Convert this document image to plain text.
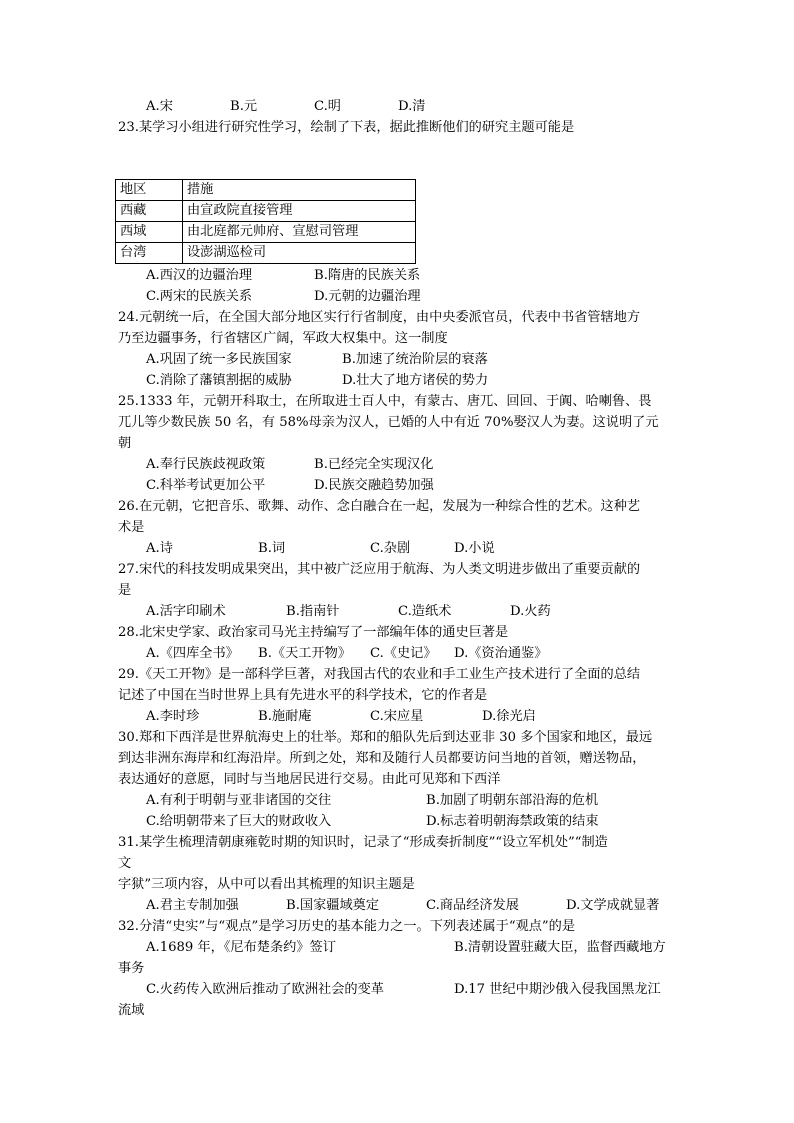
A.宋	B.元	C.明	D.清
23.某学习小组进行研究性学习，绘制了下表，据此推断他们的研究主题可能是
地区	措施
西藏	由宣政院直接管理
西域	由北庭都元帅府、宣慰司管理
台湾	设澎湖巡检司
A.西汉的边疆治理	B.隋唐的民族关系
C.两宋的民族关系	D.元朝的边疆治理
24.元朝统一后，在全国大部分地区实行行省制度，由中央委派官员，代表中书省管辖地方
乃至边疆事务，行省辖区广阔，军政大权集中。这一制度
A.巩固了统一多民族国家	B.加速了统治阶层的衰落
C.消除了藩镇割据的威胁	D.壮大了地方诸侯的势力
25.1333 年，元朝开科取士，在所取进士百人中，有蒙古、唐兀、回回、于阗、哈喇鲁、畏
兀儿等少数民族 50 名，有 58%母亲为汉人，已婚的人中有近 70%娶汉人为妻。这说明了元
朝
A.奉行民族歧视政策	B.已经完全实现汉化
C.科举考试更加公平	D.民族交融趋势加强
26.在元朝，它把音乐、歌舞、动作、念白融合在一起，发展为一种综合性的艺术。这种艺
术是
A.诗	B.词	C.杂剧	D.小说
27.宋代的科技发明成果突出，其中被广泛应用于航海、为人类文明进步做出了重要贡献的
是
A.活字印刷术	B.指南针	C.造纸术	D.火药
28.北宋史学家、政治家司马光主持编写了一部编年体的通史巨著是
A.《四库全书》 B.《天工开物》 C.《史记》 D.《资治通鉴》
29.《天工开物》是一部科学巨著，对我国古代的农业和手工业生产技术进行了全面的总结
记述了中国在当时世界上具有先进水平的科学技术，它的作者是
A.李时珍	B.施耐庵	C.宋应星	D.徐光启
30.郑和下西洋是世界航海史上的壮举。郑和的船队先后到达亚非 30 多个国家和地区，最远
到达非洲东海岸和红海沿岸。所到之处，郑和及随行人员都要访问当地的首领，赠送物品，
表达通好的意愿，同时与当地居民进行交易。由此可见郑和下西洋
A.有利于明朝与亚非诸国的交往	B.加剧了明朝东部沿海的危机
C.给明朝带来了巨大的财政收入	D.标志着明朝海禁政策的结束
31.某学生梳理清朝康雍乾时期的知识时，记录了“形成奏折制度”“设立军机处”“制造
文
字狱”三项内容，从中可以看出其梳理的知识主题是
A.君主专制加强	B.国家疆域奠定	C.商品经济发展	D.文学成就显著
32.分清“史实”与“观点”是学习历史的基本能力之一。下列表述属于“观点”的是
A.1689 年，《尼布楚条约》签订	B.清朝设置驻藏大臣，监督西藏地方
事务
C.火药传入欧洲后推动了欧洲社会的变革	D.17 世纪中期沙俄入侵我国黑龙江
流域
